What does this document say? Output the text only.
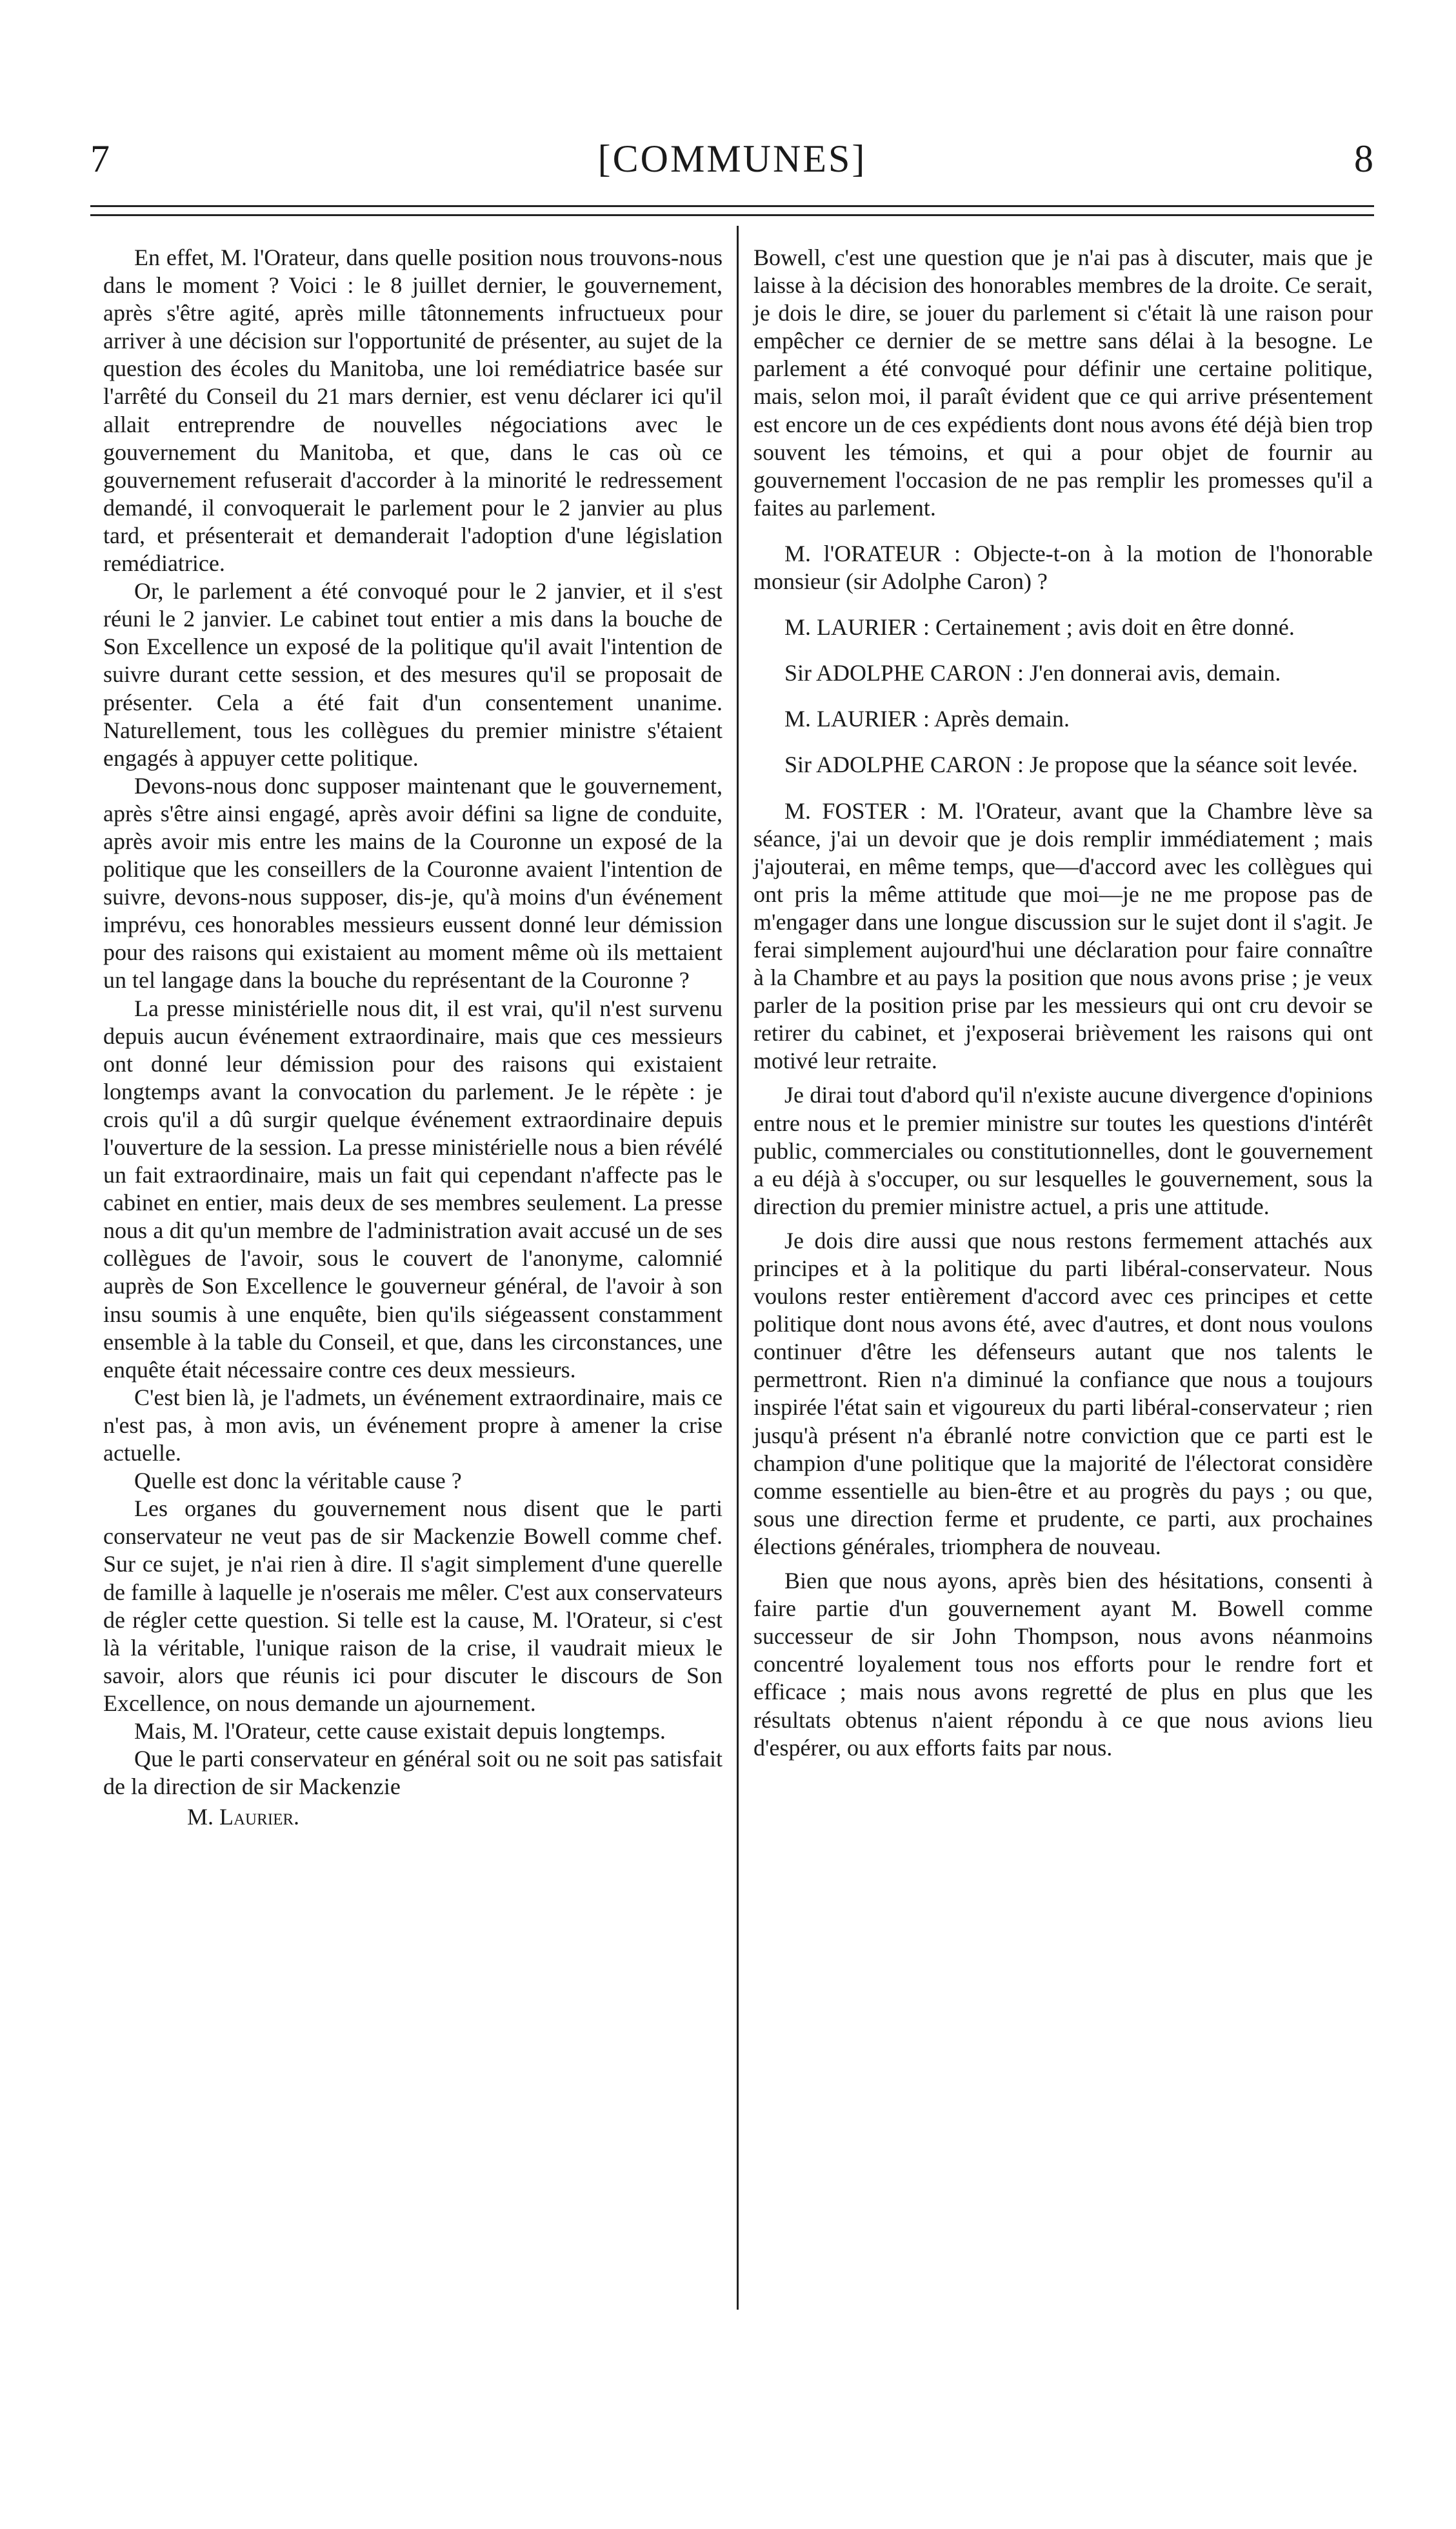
7	[COMMUNES]	8

En effet, M. l'Orateur, dans quelle position nous trouvons-nous dans le moment ? Voici : le 8 juillet dernier, le gouvernement, après s'être agité, après mille tâtonnements infructueux pour arriver à une décision sur l'opportunité de présenter, au sujet de la question des écoles du Manitoba, une loi remédiatrice basée sur l'arrêté du Conseil du 21 mars dernier, est venu déclarer ici qu'il allait entreprendre de nouvelles négociations avec le gouvernement du Manitoba, et que, dans le cas où ce gouvernement refuserait d'accorder à la minorité le redressement demandé, il convoquerait le parlement pour le 2 janvier au plus tard, et présenterait et demanderait l'adoption d'une législation remédiatrice.

Or, le parlement a été convoqué pour le 2 janvier, et il s'est réuni le 2 janvier. Le cabinet tout entier a mis dans la bouche de Son Excellence un exposé de la politique qu'il avait l'intention de suivre durant cette session, et des mesures qu'il se proposait de présenter. Cela a été fait d'un consentement unanime. Naturellement, tous les collègues du premier ministre s'étaient engagés à appuyer cette politique.

Devons-nous donc supposer maintenant que le gouvernement, après s'être ainsi engagé, après avoir défini sa ligne de conduite, après avoir mis entre les mains de la Couronne un exposé de la politique que les conseillers de la Couronne avaient l'intention de suivre, devons-nous supposer, dis-je, qu'à moins d'un événement imprévu, ces honorables messieurs eussent donné leur démission pour des raisons qui existaient au moment même où ils mettaient un tel langage dans la bouche du représentant de la Couronne ?

La presse ministérielle nous dit, il est vrai, qu'il n'est survenu depuis aucun événement extraordinaire, mais que ces messieurs ont donné leur démission pour des raisons qui existaient longtemps avant la convocation du parlement. Je le répète : je crois qu'il a dû surgir quelque événement extraordinaire depuis l'ouverture de la session. La presse ministérielle nous a bien révélé un fait extraordinaire, mais un fait qui cependant n'affecte pas le cabinet en entier, mais deux de ses membres seulement. La presse nous a dit qu'un membre de l'administration avait accusé un de ses collègues de l'avoir, sous le couvert de l'anonyme, calomnié auprès de Son Excellence le gouverneur général, de l'avoir à son insu soumis à une enquête, bien qu'ils siégeassent constamment ensemble à la table du Conseil, et que, dans les circonstances, une enquête était nécessaire contre ces deux messieurs.

C'est bien là, je l'admets, un événement extraordinaire, mais ce n'est pas, à mon avis, un événement propre à amener la crise actuelle.

Quelle est donc la véritable cause ?

Les organes du gouvernement nous disent que le parti conservateur ne veut pas de sir Mackenzie Bowell comme chef. Sur ce sujet, je n'ai rien à dire. Il s'agit simplement d'une querelle de famille à laquelle je n'oserais me mêler. C'est aux conservateurs de régler cette question. Si telle est la cause, M. l'Orateur, si c'est là la véritable, l'unique raison de la crise, il vaudrait mieux le savoir, alors que réunis ici pour discuter le discours de Son Excellence, on nous demande un ajournement.

Mais, M. l'Orateur, cette cause existait depuis longtemps.

Que le parti conservateur en général soit ou ne soit pas satisfait de la direction de sir Mackenzie

M. Laurier.

Bowell, c'est une question que je n'ai pas à discuter, mais que je laisse à la décision des honorables membres de la droite. Ce serait, je dois le dire, se jouer du parlement si c'était là une raison pour empêcher ce dernier de se mettre sans délai à la besogne. Le parlement a été convoqué pour définir une certaine politique, mais, selon moi, il paraît évident que ce qui arrive présentement est encore un de ces expédients dont nous avons été déjà bien trop souvent les témoins, et qui a pour objet de fournir au gouvernement l'occasion de ne pas remplir les promesses qu'il a faites au parlement.

M. l'ORATEUR : Objecte-t-on à la motion de l'honorable monsieur (sir Adolphe Caron) ?

M. LAURIER : Certainement ; avis doit en être donné.

Sir ADOLPHE CARON : J'en donnerai avis, demain.

M. LAURIER : Après demain.

Sir ADOLPHE CARON : Je propose que la séance soit levée.

M. FOSTER : M. l'Orateur, avant que la Chambre lève sa séance, j'ai un devoir que je dois remplir immédiatement ; mais j'ajouterai, en même temps, que—d'accord avec les collègues qui ont pris la même attitude que moi—je ne me propose pas de m'engager dans une longue discussion sur le sujet dont il s'agit. Je ferai simplement aujourd'hui une déclaration pour faire connaître à la Chambre et au pays la position que nous avons prise ; je veux parler de la position prise par les messieurs qui ont cru devoir se retirer du cabinet, et j'exposerai brièvement les raisons qui ont motivé leur retraite.

Je dirai tout d'abord qu'il n'existe aucune divergence d'opinions entre nous et le premier ministre sur toutes les questions d'intérêt public, commerciales ou constitutionnelles, dont le gouvernement a eu déjà à s'occuper, ou sur lesquelles le gouvernement, sous la direction du premier ministre actuel, a pris une attitude.

Je dois dire aussi que nous restons fermement attachés aux principes et à la politique du parti libéral-conservateur. Nous voulons rester entièrement d'accord avec ces principes et cette politique dont nous avons été, avec d'autres, et dont nous voulons continuer d'être les défenseurs autant que nos talents le permettront. Rien n'a diminué la confiance que nous a toujours inspirée l'état sain et vigoureux du parti libéral-conservateur ; rien jusqu'à présent n'a ébranlé notre conviction que ce parti est le champion d'une politique que la majorité de l'électorat considère comme essentielle au bien-être et au progrès du pays ; ou que, sous une direction ferme et prudente, ce parti, aux prochaines élections générales, triomphera de nouveau.

Bien que nous ayons, après bien des hésitations, consenti à faire partie d'un gouvernement ayant M. Bowell comme successeur de sir John Thompson, nous avons néanmoins concentré loyalement tous nos efforts pour le rendre fort et efficace ; mais nous avons regretté de plus en plus que les résultats obtenus n'aient répondu à ce que nous avions lieu d'espérer, ou aux efforts faits par nous.
